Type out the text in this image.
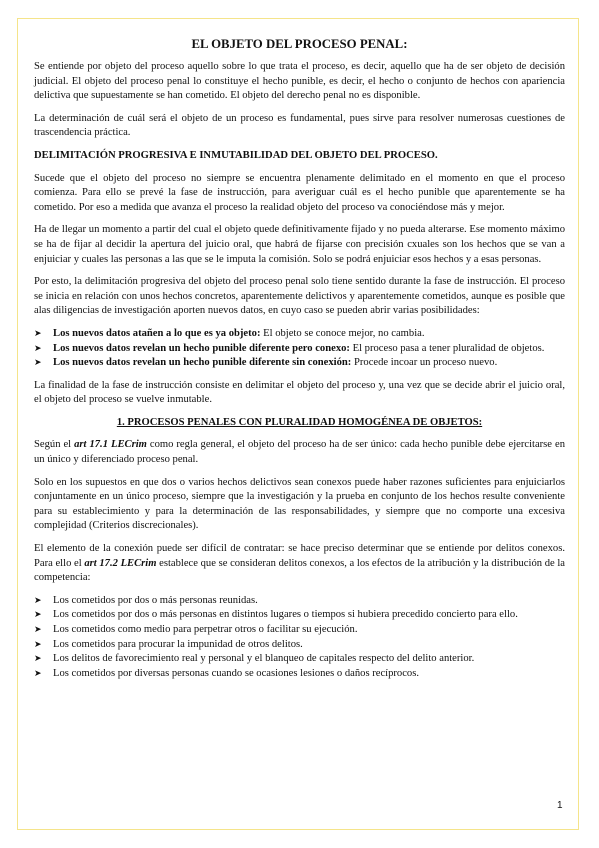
EL OBJETO DEL PROCESO PENAL:

Se entiende por objeto del proceso aquello sobre lo que trata el proceso, es decir, aquello que ha de ser objeto de decisión judicial. El objeto del proceso penal lo constituye el hecho punible, es decir, el hecho o conjunto de hechos con apariencia delictiva que supuestamente se han cometido. El objeto del derecho penal no es disponible.

La determinación de cuál será el objeto de un proceso es fundamental, pues sirve para resolver numerosas cuestiones de trascendencia práctica.

DELIMITACIÓN PROGRESIVA E INMUTABILIDAD DEL OBJETO DEL PROCESO.

Sucede que el objeto del proceso no siempre se encuentra plenamente delimitado en el momento en que el proceso comienza. Para ello se prevé la fase de instrucción, para averiguar cuál es el hecho punible que aparentemente se ha cometido. Por eso a medida que avanza el proceso la realidad objeto del proceso va conociéndose más y mejor.

Ha de llegar un momento a partir del cual el objeto quede definitivamente fijado y no pueda alterarse. Ese momento máximo se ha de fijar al decidir la apertura del juicio oral, que habrá de fijarse con precisión cxuales son los hechos que se van a enjuiciar y cuales las personas a las que se le imputa la comisión. Solo se podrá enjuiciar esos hechos y a esas personas.

Por esto, la delimitación progresiva del objeto del proceso penal solo tiene sentido durante la fase de instrucción. El proceso se inicia en relación con unos hechos concretos, aparentemente delictivos y aparentemente cometidos, aunque es posible que alas diligencias de investigación aporten nuevos datos, en cuyo caso se pueden abrir varias posibilidades:

➤ Los nuevos datos atañen a lo que es ya objeto: El objeto se conoce mejor, no cambia.
➤ Los nuevos datos revelan un hecho punible diferente pero conexo: El proceso pasa a tener pluralidad de objetos.
➤ Los nuevos datos revelan un hecho punible diferente sin conexión: Procede incoar un proceso nuevo.

La finalidad de la fase de instrucción consiste en delimitar el objeto del proceso y, una vez que se decide abrir el juicio oral, el objeto del proceso se vuelve inmutable.

1. PROCESOS PENALES CON PLURALIDAD HOMOGÉNEA DE OBJETOS:

Según el art 17.1 LECrim como regla general, el objeto del proceso ha de ser único: cada hecho punible debe ejercitarse en un único y diferenciado proceso penal.

Solo en los supuestos en que dos o varios hechos delictivos sean conexos puede haber razones suficientes para enjuiciarlos conjuntamente en un único proceso, siempre que la investigación y la prueba en conjunto de los hechos resulte conveniente para su establecimiento y para la determinación de las responsabilidades, y siempre que no comporte una excesiva complejidad (Criterios discrecionales).

El elemento de la conexión puede ser difícil de contratar: se hace preciso determinar que se entiende por delitos conexos. Para ello el art 17.2 LECrim establece que se consideran delitos conexos, a los efectos de la atribución y la distribución de la competencia:

➤ Los cometidos por dos o más personas reunidas.
➤ Los cometidos por dos o más personas en distintos lugares o tiempos si hubiera precedido concierto para ello.
➤ Los cometidos como medio para perpetrar otros o facilitar su ejecución.
➤ Los cometidos para procurar la impunidad de otros delitos.
➤ Los delitos de favorecimiento real y personal y el blanqueo de capitales respecto del delito anterior.
➤ Los cometidos por diversas personas cuando se ocasiones lesiones o daños recíprocos.
1
